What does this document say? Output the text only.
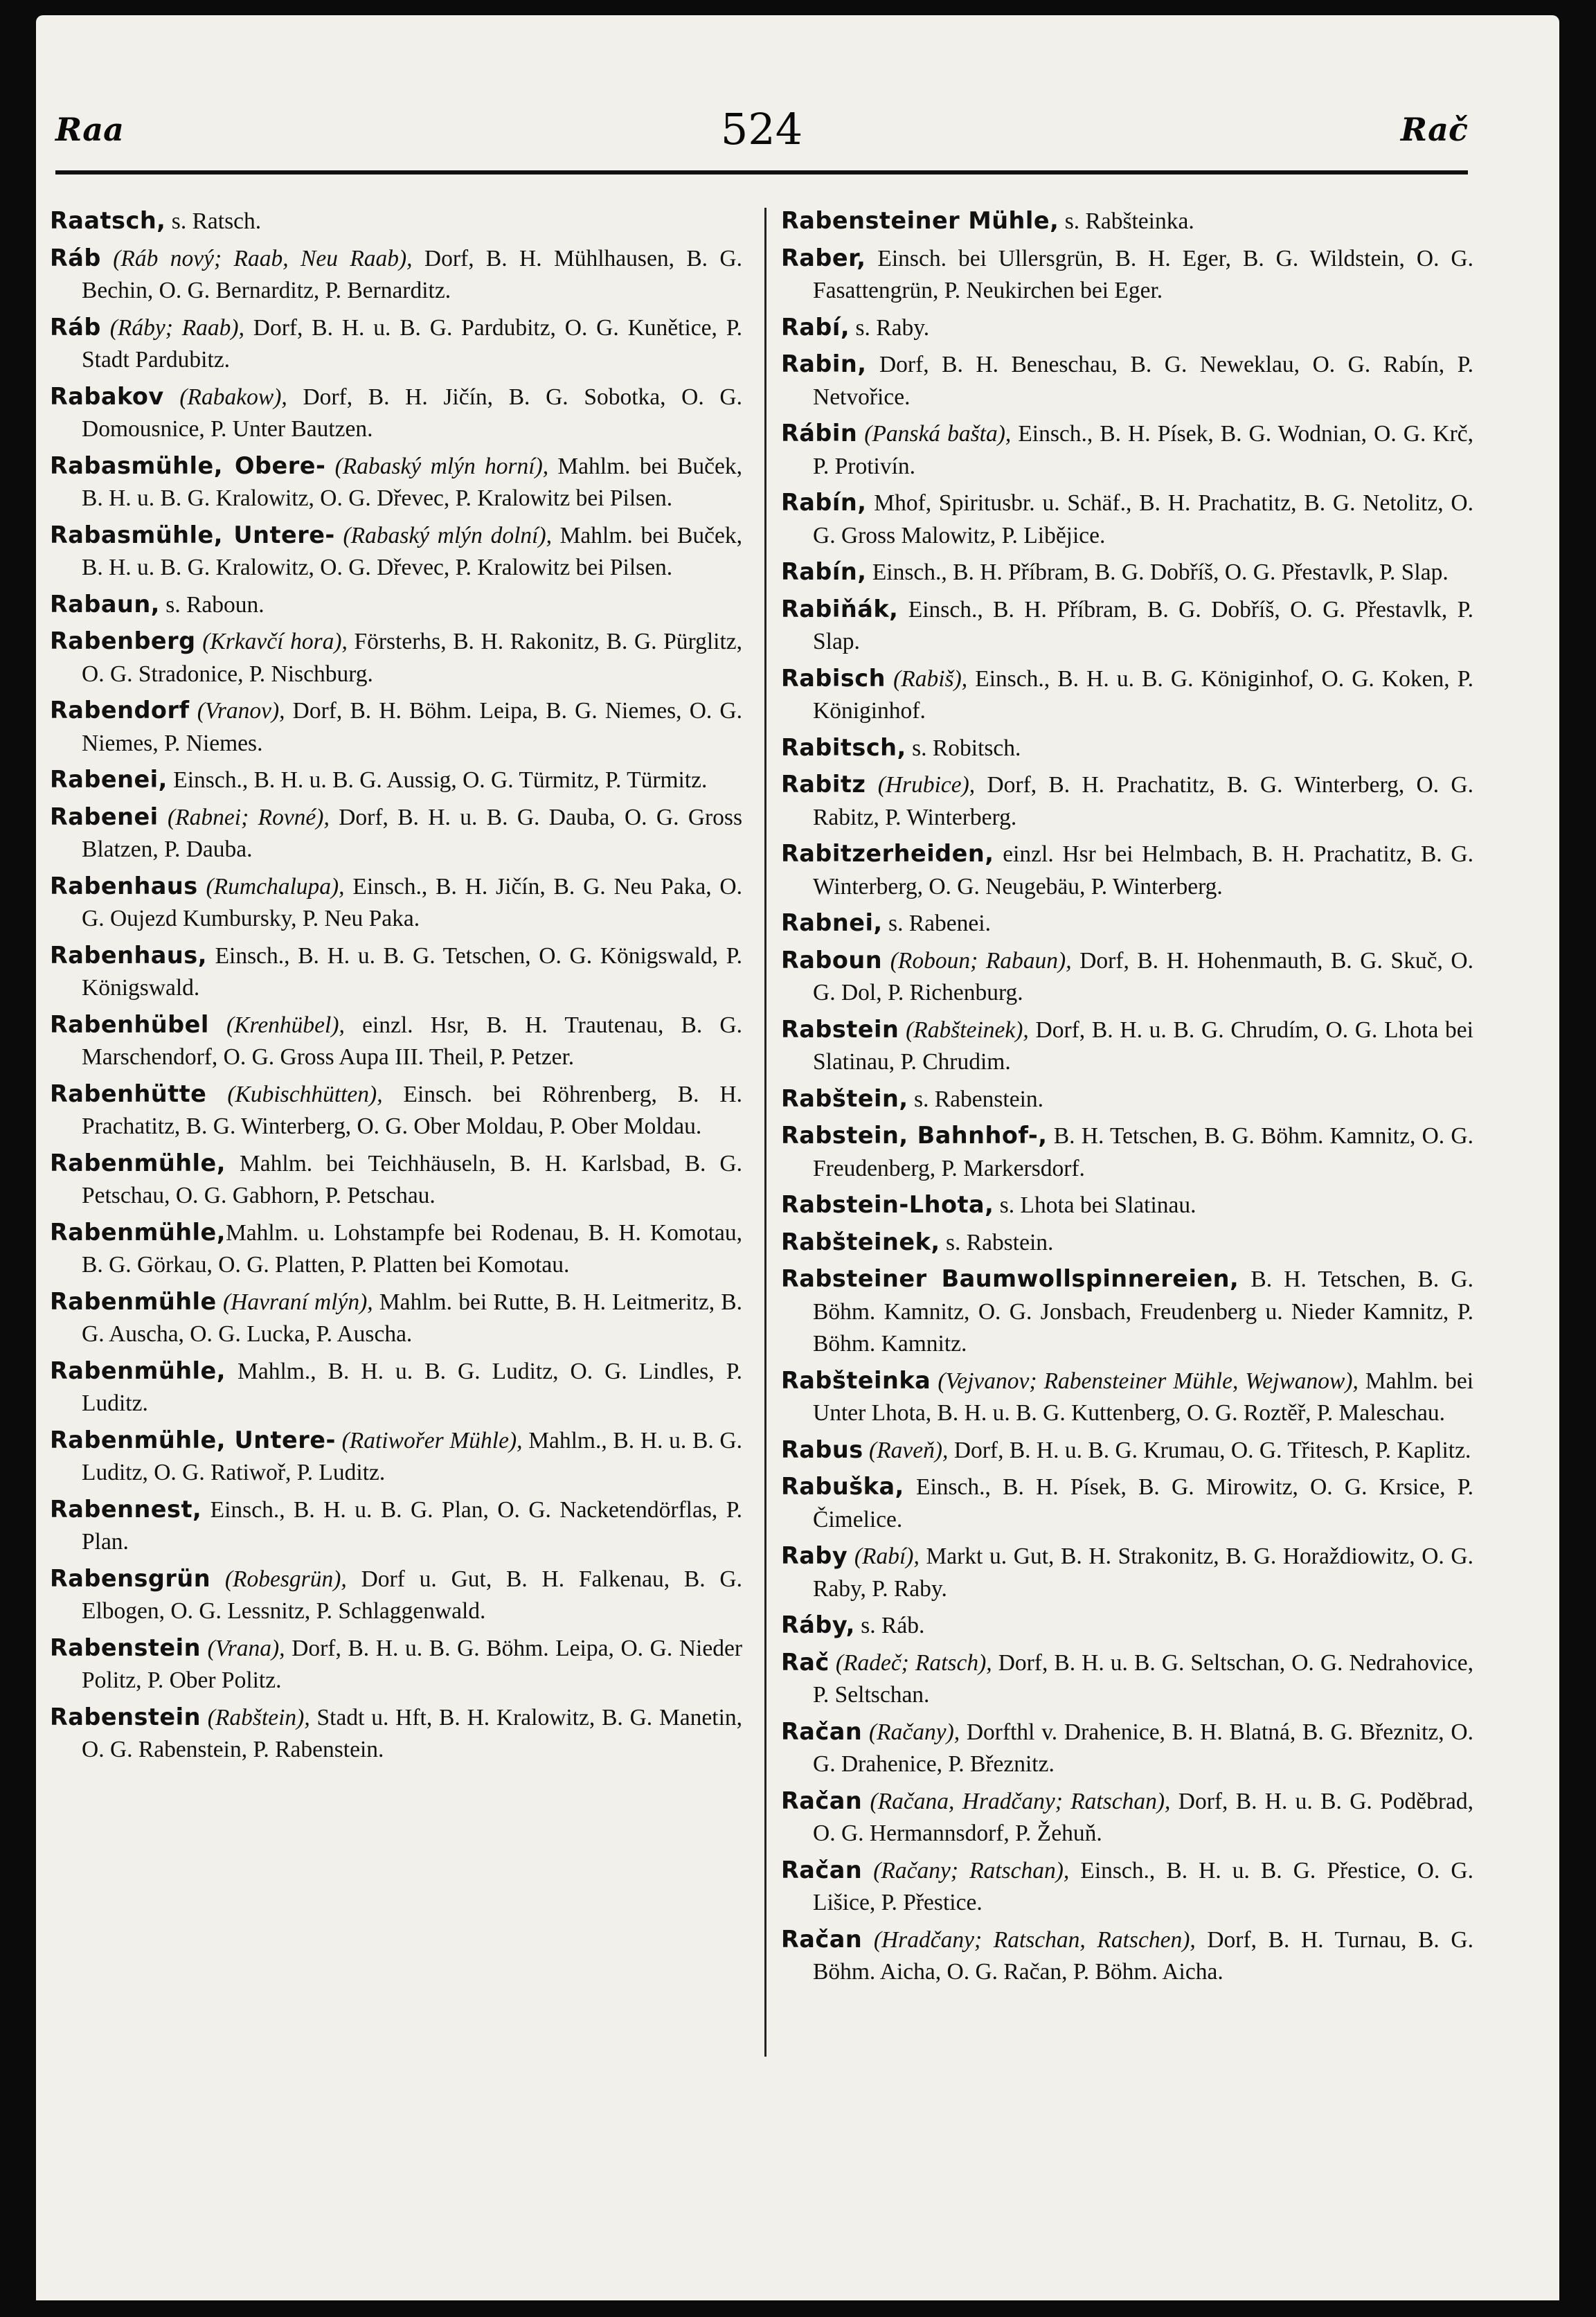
Raa	524	Rač

Raatsch, s. Ratsch.

Ráb (Ráb nový; Raab, Neu Raab), Dorf, B. H. Mühlhausen, B. G. Bechin, O. G. Bernarditz, P. Bernarditz.

Ráb (Ráby; Raab), Dorf, B. H. u. B. G. Pardubitz, O. G. Kunětice, P. Stadt Pardubitz.

Rabakov (Rabakow), Dorf, B. H. Jičín, B. G. Sobotka, O. G. Domousnice, P. Unter Bautzen.

Rabasmühle, Obere- (Rabaský mlýn horní), Mahlm. bei Buček, B. H. u. B. G. Kralowitz, O. G. Dřevec, P. Kralowitz bei Pilsen.

Rabasmühle, Untere- (Rabaský mlýn dolní), Mahlm. bei Buček, B. H. u. B. G. Kralowitz, O. G. Dřevec, P. Kralowitz bei Pilsen.

Rabaun, s. Raboun.

Rabenberg (Krkavčí hora), Försterhs, B. H. Rakonitz, B. G. Pürglitz, O. G. Stradonice, P. Nischburg.

Rabendorf (Vranov), Dorf, B. H. Böhm. Leipa, B. G. Niemes, O. G. Niemes, P. Niemes.

Rabenei, Einsch., B. H. u. B. G. Aussig, O. G. Türmitz, P. Türmitz.

Rabenei (Rabnei; Rovné), Dorf, B. H. u. B. G. Dauba, O. G. Gross Blatzen, P. Dauba.

Rabenhaus (Rumchalupa), Einsch., B. H. Jičín, B. G. Neu Paka, O. G. Oujezd Kumbursky, P. Neu Paka.

Rabenhaus, Einsch., B. H. u. B. G. Tetschen, O. G. Königswald, P. Königswald.

Rabenhübel (Krenhübel), einzl. Hsr, B. H. Trautenau, B. G. Marschendorf, O. G. Gross Aupa III. Theil, P. Petzer.

Rabenhütte (Kubischhütten), Einsch. bei Röhrenberg, B. H. Prachatitz, B. G. Winterberg, O. G. Ober Moldau, P. Ober Moldau.

Rabenmühle, Mahlm. bei Teichhäuseln, B. H. Karlsbad, B. G. Petschau, O. G. Gabhorn, P. Petschau.

Rabenmühle,Mahlm. u. Lohstampfe bei Rodenau, B. H. Komotau, B. G. Görkau, O. G. Platten, P. Platten bei Komotau.

Rabenmühle (Havraní mlýn), Mahlm. bei Rutte, B. H. Leitmeritz, B. G. Auscha, O. G. Lucka, P. Auscha.

Rabenmühle, Mahlm., B. H. u. B. G. Luditz, O. G. Lindles, P. Luditz.

Rabenmühle, Untere- (Ratiwořer Mühle), Mahlm., B. H. u. B. G. Luditz, O. G. Ratiwoř, P. Luditz.

Rabennest, Einsch., B. H. u. B. G. Plan, O. G. Nacketendörflas, P. Plan.

Rabensgrün (Robesgrün), Dorf u. Gut, B. H. Falkenau, B. G. Elbogen, O. G. Lessnitz, P. Schlaggenwald.

Rabenstein (Vrana), Dorf, B. H. u. B. G. Böhm. Leipa, O. G. Nieder Politz, P. Ober Politz.

Rabenstein (Rabštein), Stadt u. Hft, B. H. Kralowitz, B. G. Manetin, O. G. Rabenstein, P. Rabenstein.

Rabensteiner Mühle, s. Rabšteinka.

Raber, Einsch. bei Ullersgrün, B. H. Eger, B. G. Wildstein, O. G. Fasattengrün, P. Neukirchen bei Eger.

Rabí, s. Raby.

Rabin, Dorf, B. H. Beneschau, B. G. Neweklau, O. G. Rabín, P. Netvořice.

Rábin (Panská bašta), Einsch., B. H. Písek, B. G. Wodnian, O. G. Krč, P. Protivín.

Rabín, Mhof, Spiritusbr. u. Schäf., B. H. Prachatitz, B. G. Netolitz, O. G. Gross Malowitz, P. Libějice.

Rabín, Einsch., B. H. Příbram, B. G. Dobříš, O. G. Přestavlk, P. Slap.

Rabiňák, Einsch., B. H. Příbram, B. G. Dobříš, O. G. Přestavlk, P. Slap.

Rabisch (Rabiš), Einsch., B. H. u. B. G. Königinhof, O. G. Koken, P. Königinhof.

Rabitsch, s. Robitsch.

Rabitz (Hrubice), Dorf, B. H. Prachatitz, B. G. Winterberg, O. G. Rabitz, P. Winterberg.

Rabitzerheiden, einzl. Hsr bei Helmbach, B. H. Prachatitz, B. G. Winterberg, O. G. Neugebäu, P. Winterberg.

Rabnei, s. Rabenei.

Raboun (Roboun; Rabaun), Dorf, B. H. Hohenmauth, B. G. Skuč, O. G. Dol, P. Richenburg.

Rabstein (Rabšteinek), Dorf, B. H. u. B. G. Chrudím, O. G. Lhota bei Slatinau, P. Chrudim.

Rabštein, s. Rabenstein.

Rabstein, Bahnhof-, B. H. Tetschen, B. G. Böhm. Kamnitz, O. G. Freudenberg, P. Markersdorf.

Rabstein-Lhota, s. Lhota bei Slatinau.

Rabšteinek, s. Rabstein.

Rabsteiner Baumwollspinnereien, B. H. Tetschen, B. G. Böhm. Kamnitz, O. G. Jonsbach, Freudenberg u. Nieder Kamnitz, P. Böhm. Kamnitz.

Rabšteinka (Vejvanov; Rabensteiner Mühle, Wejwanow), Mahlm. bei Unter Lhota, B. H. u. B. G. Kuttenberg, O. G. Roztěř, P. Maleschau.

Rabus (Raveň), Dorf, B. H. u. B. G. Krumau, O. G. Třitesch, P. Kaplitz.

Rabuška, Einsch., B. H. Písek, B. G. Mirowitz, O. G. Krsice, P. Čimelice.

Raby (Rabí), Markt u. Gut, B. H. Strakonitz, B. G. Horaždiowitz, O. G. Raby, P. Raby.

Ráby, s. Ráb.

Rač (Radeč; Ratsch), Dorf, B. H. u. B. G. Seltschan, O. G. Nedrahovice, P. Seltschan.

Račan (Račany), Dorfthl v. Drahenice, B. H. Blatná, B. G. Březnitz, O. G. Drahenice, P. Březnitz.

Račan (Račana, Hradčany; Ratschan), Dorf, B. H. u. B. G. Poděbrad, O. G. Hermannsdorf, P. Žehuň.

Račan (Račany; Ratschan), Einsch., B. H. u. B. G. Přestice, O. G. Lišice, P. Přestice.

Račan (Hradčany; Ratschan, Ratschen), Dorf, B. H. Turnau, B. G. Böhm. Aicha, O. G. Račan, P. Böhm. Aicha.
